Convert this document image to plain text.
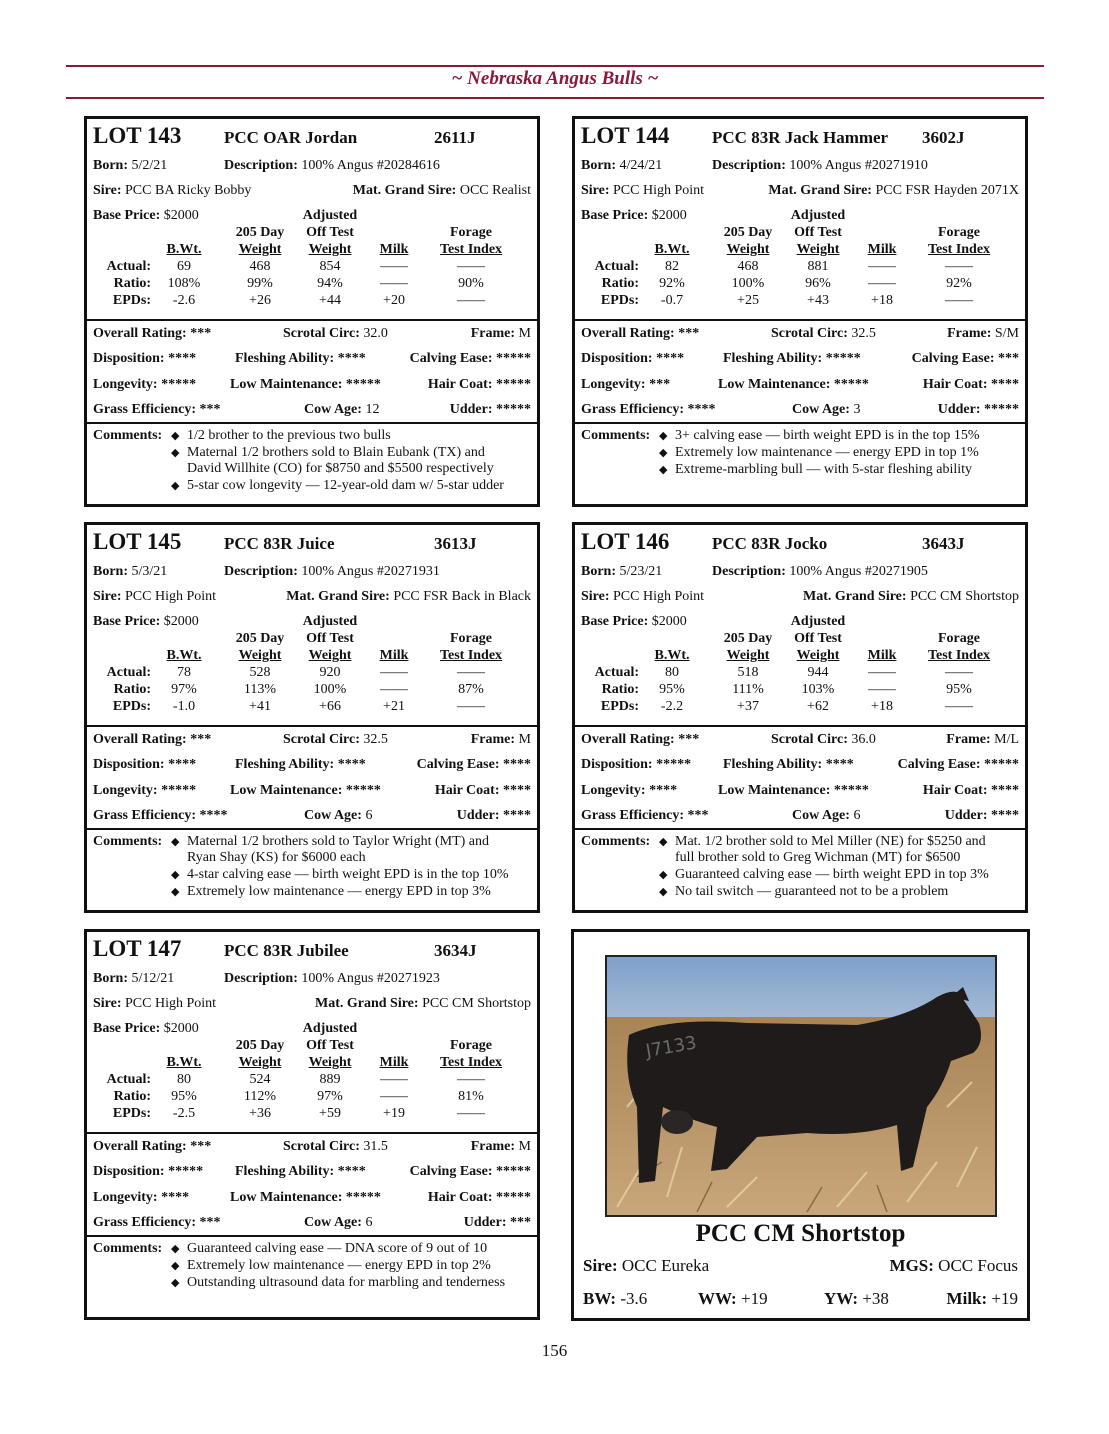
~ Nebraska Angus Bulls ~
LOT 143	PCC OAR Jordan	2611J
Born: 5/2/21	Description: 100% Angus #20284616
Sire: PCC BA Ricky Bobby	Mat. Grand Sire: OCC Realist
Base Price: $2000	Adjusted
205 Day	Off Test	Forage
B.Wt.	Weight	Weight	Milk	Test Index
Actual:	69	468	854	——	——
Ratio:	108%	99%	94%	——	90%
EPDs:	-2.6	+26	+44	+20	——
Overall Rating: ***	Scrotal Circ: 32.0	Frame: M
Disposition: ****	Fleshing Ability: ****	Calving Ease: *****
Longevity: ***** Low Maintenance: *****	Hair Coat: *****
Grass Efficiency: ***	Cow Age: 12	Udder: *****
Comments: ◆ 1/2 brother to the previous two bulls
◆ Maternal 1/2 brothers sold to Blain Eubank (TX) and
David Willhite (CO) for $8750 and $5500 respectively
◆ 5-star cow longevity — 12-year-old dam w/ 5-star udder
LOT 144	PCC 83R Jack Hammer 3602J
Born: 4/24/21	Description: 100% Angus #20271910
Sire: PCC High Point	Mat. Grand Sire: PCC FSR Hayden 2071X
Base Price: $2000	Adjusted
205 Day	Off Test	Forage
B.Wt.	Weight	Weight	Milk	Test Index
Actual:	82	468	881	——	——
Ratio:	92%	100%	96%	——	92%
EPDs:	-0.7	+25	+43	+18	——
Overall Rating: ***	Scrotal Circ: 32.5	Frame: S/M
Disposition: ****	Fleshing Ability: *****	Calving Ease: ***
Longevity: ***	Low Maintenance: *****	Hair Coat: ****
Grass Efficiency: ****	Cow Age: 3	Udder: *****
Comments: ◆ 3+ calving ease — birth weight EPD is in the top 15%
◆ Extremely low maintenance — energy EPD in top 1%
◆ Extreme-marbling bull — with 5-star fleshing ability
LOT 145	PCC 83R Juice	3613J
Born: 5/3/21	Description: 100% Angus #20271931
Sire: PCC High Point	Mat. Grand Sire: PCC FSR Back in Black
Base Price: $2000	Adjusted
205 Day	Off Test	Forage
B.Wt.	Weight	Weight	Milk	Test Index
Actual:	78	528	920	——	——
Ratio:	97%	113%	100%	——	87%
EPDs:	-1.0	+41	+66	+21	——
Overall Rating: ***	Scrotal Circ: 32.5	Frame: M
Disposition: ****	Fleshing Ability: ****	Calving Ease: ****
Longevity: ***** Low Maintenance: *****	Hair Coat: ****
Grass Efficiency: ****	Cow Age: 6	Udder: ****
Comments: ◆ Maternal 1/2 brothers sold to Taylor Wright (MT) and
Ryan Shay (KS) for $6000 each
◆ 4-star calving ease — birth weight EPD is in the top 10%
◆ Extremely low maintenance — energy EPD in top 3%
LOT 146	PCC 83R Jocko	3643J
Born: 5/23/21	Description: 100% Angus #20271905
Sire: PCC High Point	Mat. Grand Sire: PCC CM Shortstop
Base Price: $2000	Adjusted
205 Day	Off Test	Forage
B.Wt.	Weight	Weight	Milk	Test Index
Actual:	80	518	944	——	——
Ratio:	95%	111%	103%	——	95%
EPDs:	-2.2	+37	+62	+18	——
Overall Rating: ***	Scrotal Circ: 36.0	Frame: M/L
Disposition: ***** Fleshing Ability: ****	Calving Ease: *****
Longevity: ****	Low Maintenance: *****	Hair Coat: ****
Grass Efficiency: ***	Cow Age: 6	Udder: ****
Comments: ◆ Mat. 1/2 brother sold to Mel Miller (NE) for $5250 and
full brother sold to Greg Wichman (MT) for $6500
◆ Guaranteed calving ease — birth weight EPD in top 3%
◆ No tail switch — guaranteed not to be a problem
LOT 147	PCC 83R Jubilee	3634J
Born: 5/12/21	Description: 100% Angus #20271923
Sire: PCC High Point	Mat. Grand Sire: PCC CM Shortstop
Base Price: $2000	Adjusted
205 Day	Off Test	Forage
B.Wt.	Weight	Weight	Milk	Test Index
Actual:	80	524	889	——	——
Ratio:	95%	112%	97%	——	81%
EPDs:	-2.5	+36	+59	+19	——
Overall Rating: ***	Scrotal Circ: 31.5	Frame: M
Disposition: ***** Fleshing Ability: ****	Calving Ease: *****
Longevity: ****	Low Maintenance: *****	Hair Coat: *****
Grass Efficiency: ***	Cow Age: 6	Udder: ***
Comments: ◆ Guaranteed calving ease — DNA score of 9 out of 10
◆ Extremely low maintenance — energy EPD in top 2%
◆ Outstanding ultrasound data for marbling and tenderness
J7133
PCC CM Shortstop
Sire: OCC Eureka	MGS: OCC Focus
BW: -3.6	WW: +19	YW: +38	Milk: +19
156
